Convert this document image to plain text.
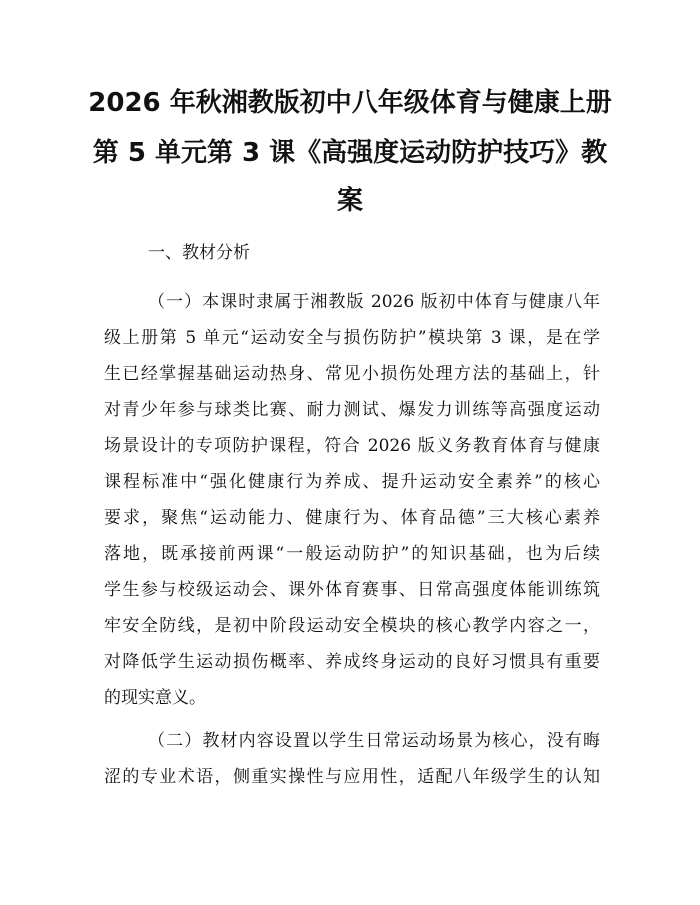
2026 年秋湘教版初中八年级体育与健康上册
第 5 单元第 3 课《高强度运动防护技巧》教
案
一、教材分析
（一）本课时隶属于湘教版 2026 版初中体育与健康八年
级上册第 5 单元“运动安全与损伤防护”模块第 3 课，是在学
生已经掌握基础运动热身、常见小损伤处理方法的基础上，针
对青少年参与球类比赛、耐力测试、爆发力训练等高强度运动
场景设计的专项防护课程，符合 2026 版义务教育体育与健康
课程标准中“强化健康行为养成、提升运动安全素养”的核心
要求，聚焦“运动能力、健康行为、体育品德”三大核心素养
落地，既承接前两课“一般运动防护”的知识基础，也为后续
学生参与校级运动会、课外体育赛事、日常高强度体能训练筑
牢安全防线，是初中阶段运动安全模块的核心教学内容之一，
对降低学生运动损伤概率、养成终身运动的良好习惯具有重要
的现实意义。
（二）教材内容设置以学生日常运动场景为核心，没有晦
涩的专业术语，侧重实操性与应用性，适配八年级学生的认知
